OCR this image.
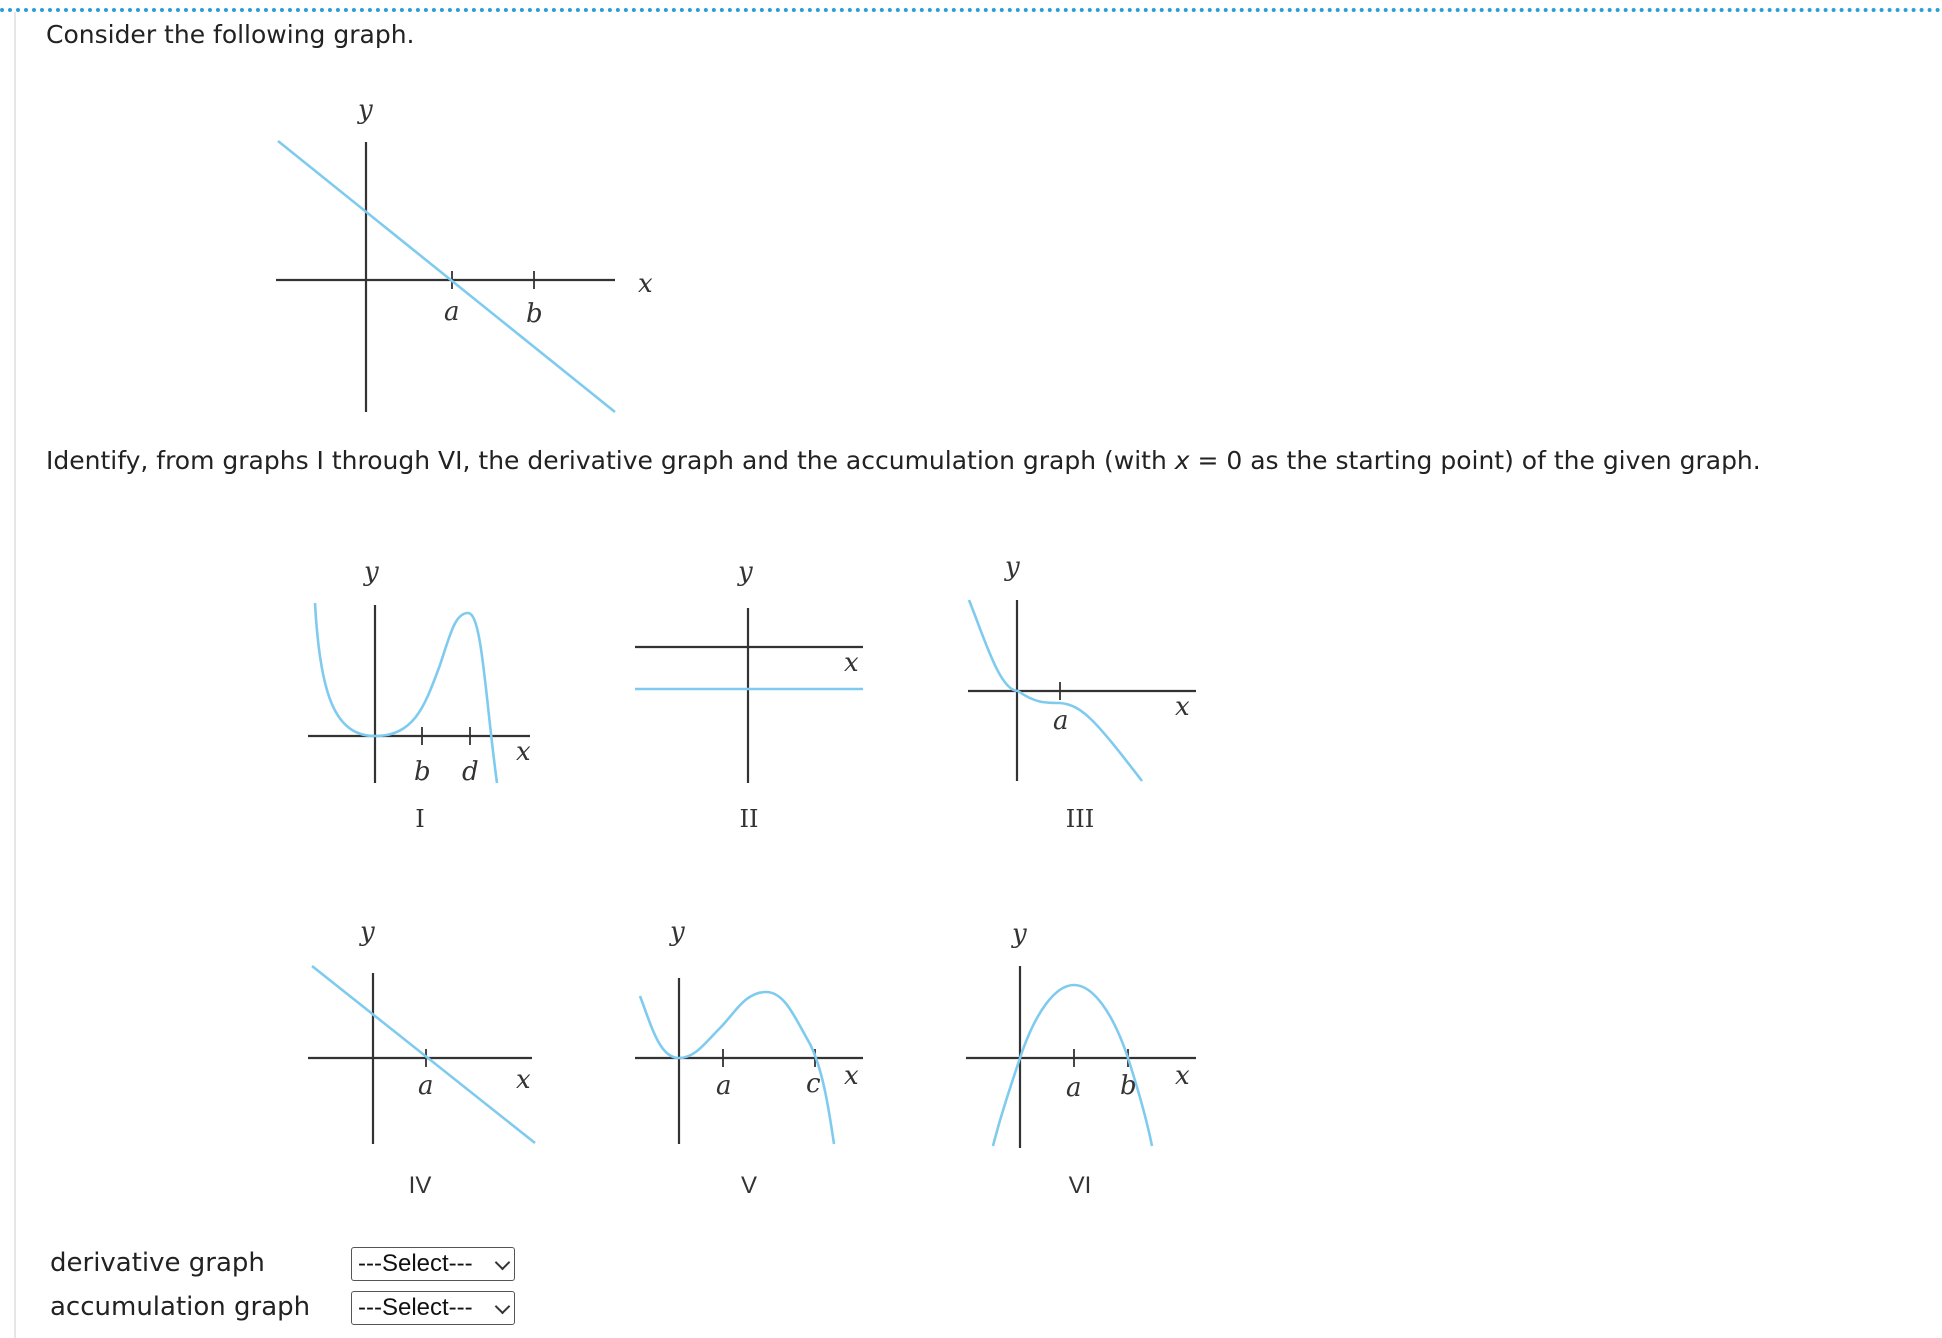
Consider the following graph.
y
x
a	b
Identify, from graphs I through VI, the derivative graph and the accumulation graph (with x = 0 as the starting point) of the given graph.
y
x
b d
I
y
x
II
y
x
a
III
y
x
a
IV
y
x
a	c
V
y
x
a b
VI
derivative graph	---Select---
accumulation graph ---Select---
